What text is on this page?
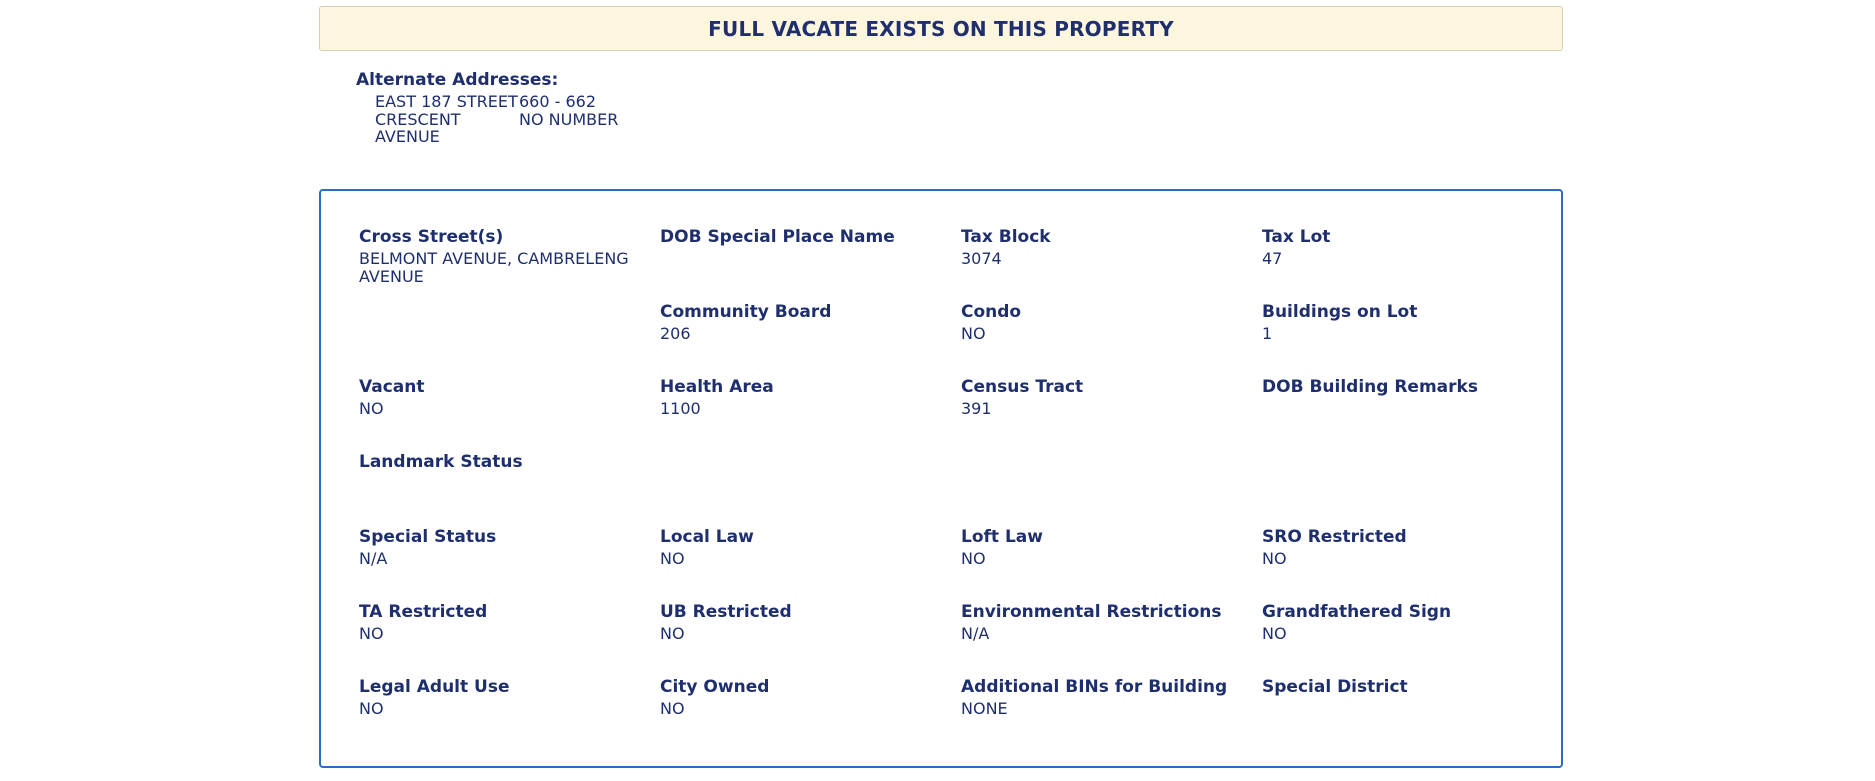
FULL VACATE EXISTS ON THIS PROPERTY
Alternate Addresses:
EAST 187 STREET 660 - 662
CRESCENT AVENUE
NO NUMBER
Cross Street(s)
BELMONT AVENUE, CAMBRELENG AVENUE
DOB Special Place Name	Tax Block
3074
Tax Lot
47
Community Board
206
Condo
NO
Buildings on Lot
1
Vacant
NO
Health Area
1100
Census Tract
391
DOB Building Remarks
Landmark Status
Special Status
N/A
Local Law
NO
Loft Law
NO
SRO Restricted
NO
TA Restricted
NO
UB Restricted
NO
Environmental Restrictions
N/A
Grandfathered Sign
NO
Legal Adult Use
NO
City Owned
NO
Additional BINs for Building
NONE
Special District
